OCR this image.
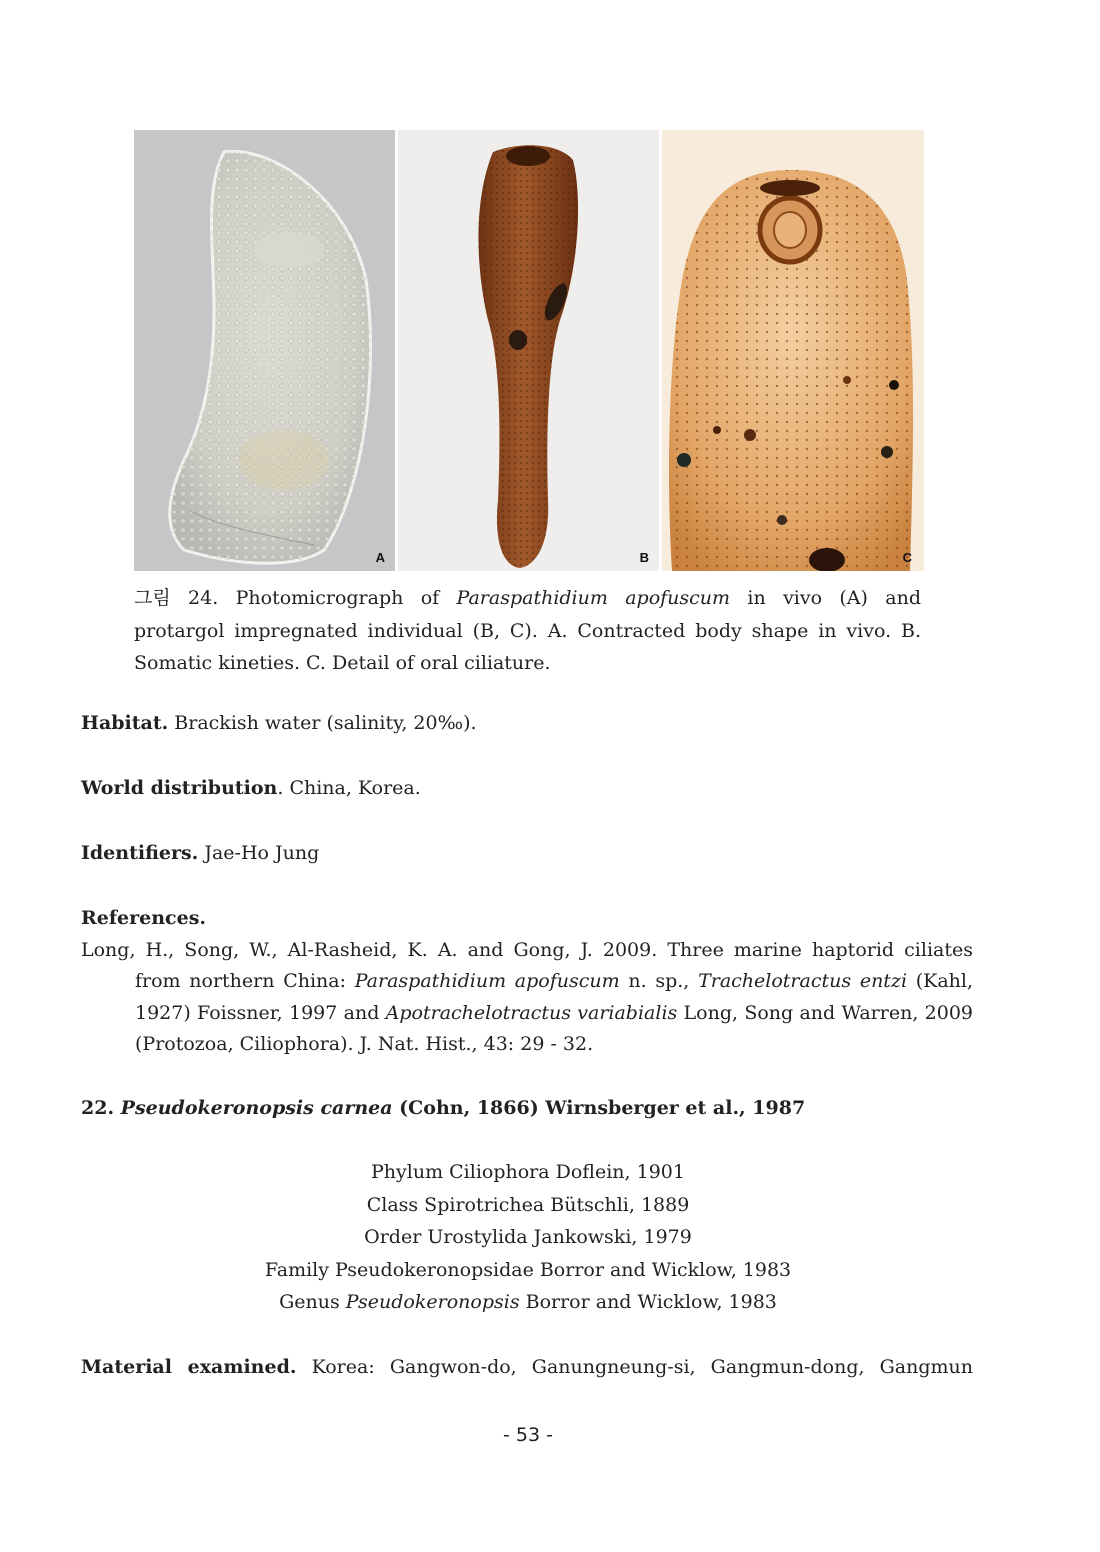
A	B	C
그림 24. Photomicrograph of Paraspathidium apofuscum in vivo (A) and
protargol impregnated individual (B, C). A. Contracted body shape in vivo. B.
Somatic kineties. C. Detail of oral ciliature.
Habitat. Brackish water (salinity, 20‰).
World distribution. China, Korea.
Identifiers. Jae-Ho Jung
References.
Long, H., Song, W., Al-Rasheid, K. A. and Gong, J. 2009. Three marine haptorid ciliates
from northern China: Paraspathidium apofuscum n. sp., Trachelotractus entzi (Kahl,
1927) Foissner, 1997 and Apotrachelotractus variabialis Long, Song and Warren, 2009
(Protozoa, Ciliophora). J. Nat. Hist., 43: 29 - 32.
22. Pseudokeronopsis carnea (Cohn, 1866) Wirnsberger et al., 1987
Phylum Ciliophora Doflein, 1901
Class Spirotrichea Bütschli, 1889
Order Urostylida Jankowski, 1979
Family Pseudokeronopsidae Borror and Wicklow, 1983
Genus Pseudokeronopsis Borror and Wicklow, 1983
Material examined. Korea: Gangwon-do, Ganungneung-si, Gangmun-dong, Gangmun
- 53 -
